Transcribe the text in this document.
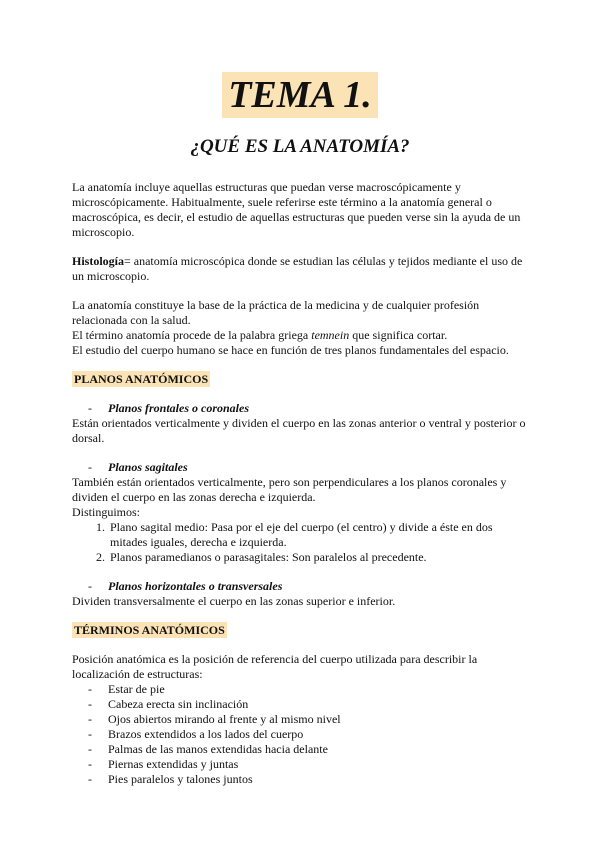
TEMA 1.
¿QUÉ ES LA ANATOMÍA?

La anatomía incluye aquellas estructuras que puedan verse macroscópicamente y microscópicamente. Habitualmente, suele referirse este término a la anatomía general o macroscópica, es decir, el estudio de aquellas estructuras que pueden verse sin la ayuda de un microscopio.

Histología= anatomía microscópica donde se estudian las células y tejidos mediante el uso de un microscopio.

La anatomía constituye la base de la práctica de la medicina y de cualquier profesión relacionada con la salud.

El término anatomía procede de la palabra griega temnein que significa cortar.

El estudio del cuerpo humano se hace en función de tres planos fundamentales del espacio.

PLANOS ANATÓMICOS

- Planos frontales o coronales

Están orientados verticalmente y dividen el cuerpo en las zonas anterior o ventral y posterior o dorsal.

- Planos sagitales

También están orientados verticalmente, pero son perpendiculares a los planos coronales y dividen el cuerpo en las zonas derecha e izquierda.

Distinguimos:

1. Plano sagital medio: Pasa por el eje del cuerpo (el centro) y divide a éste en dos mitades iguales, derecha e izquierda.
2. Planos paramedianos o parasagitales: Son paralelos al precedente.

- Planos horizontales o transversales

Dividen transversalmente el cuerpo en las zonas superior e inferior.

TÉRMINOS ANATÓMICOS

Posición anatómica es la posición de referencia del cuerpo utilizada para describir la localización de estructuras:

- Estar de pie
- Cabeza erecta sin inclinación
- Ojos abiertos mirando al frente y al mismo nivel
- Brazos extendidos a los lados del cuerpo
- Palmas de las manos extendidas hacia delante
- Piernas extendidas y juntas
- Pies paralelos y talones juntos
